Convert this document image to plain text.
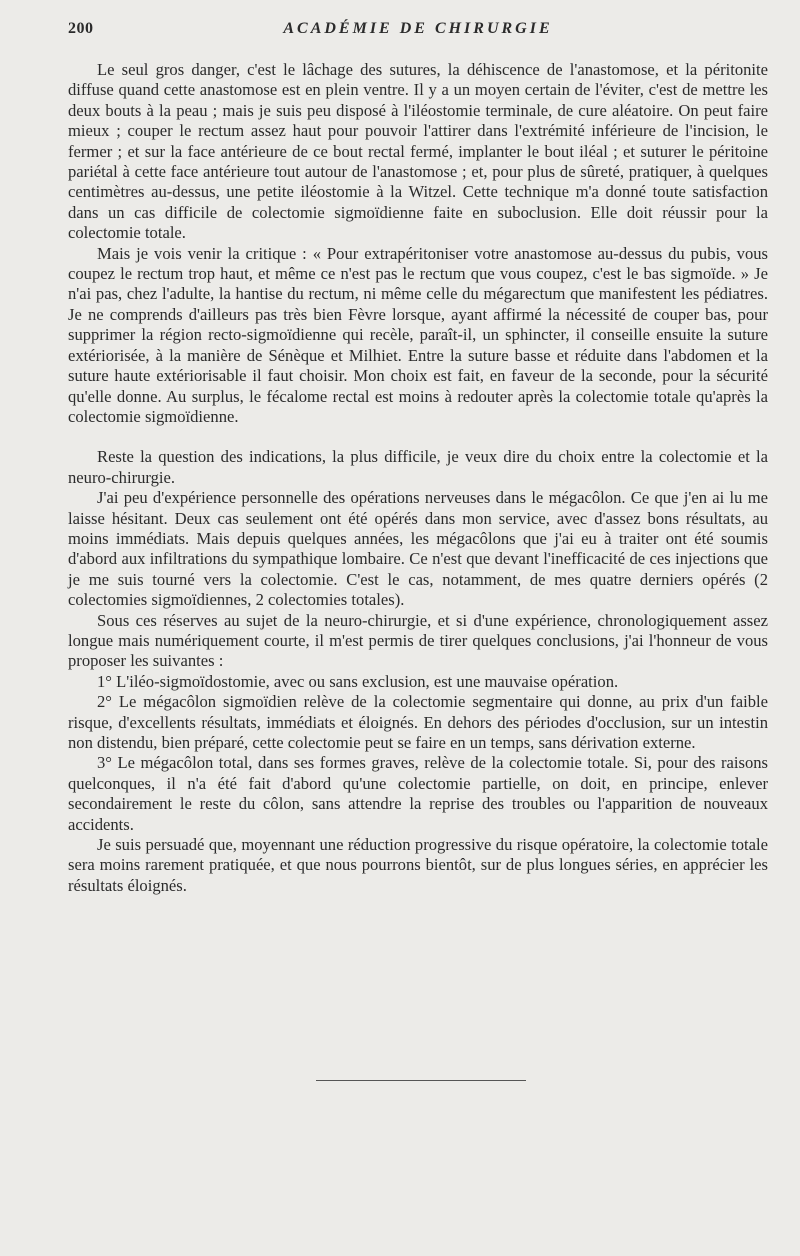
200	ACADÉMIE DE CHIRURGIE

Le seul gros danger, c'est le lâchage des sutures, la déhiscence de l'anastomose, et la péritonite diffuse quand cette anastomose est en plein ventre. Il y a un moyen certain de l'éviter, c'est de mettre les deux bouts à la peau ; mais je suis peu disposé à l'iléostomie terminale, de cure aléatoire. On peut faire mieux ; couper le rectum assez haut pour pouvoir l'attirer dans l'extrémité inférieure de l'incision, le fermer ; et sur la face antérieure de ce bout rectal fermé, implanter le bout iléal ; et suturer le péritoine pariétal à cette face antérieure tout autour de l'anastomose ; et, pour plus de sûreté, pratiquer, à quelques centimètres au-dessus, une petite iléostomie à la Witzel. Cette technique m'a donné toute satisfaction dans un cas difficile de colectomie sigmoïdienne faite en suboclusion. Elle doit réussir pour la colectomie totale.

Mais je vois venir la critique : « Pour extrapéritoniser votre anastomose au-dessus du pubis, vous coupez le rectum trop haut, et même ce n'est pas le rectum que vous coupez, c'est le bas sigmoïde. » Je n'ai pas, chez l'adulte, la hantise du rectum, ni même celle du mégarectum que manifestent les pédiatres. Je ne comprends d'ailleurs pas très bien Fèvre lorsque, ayant affirmé la nécessité de couper bas, pour supprimer la région recto-sigmoïdienne qui recèle, paraît-il, un sphincter, il conseille ensuite la suture extériorisée, à la manière de Sénèque et Milhiet. Entre la suture basse et réduite dans l'abdomen et la suture haute extériorisable il faut choisir. Mon choix est fait, en faveur de la seconde, pour la sécurité qu'elle donne. Au surplus, le fécalome rectal est moins à redouter après la colectomie totale qu'après la colectomie sigmoïdienne.

Reste la question des indications, la plus difficile, je veux dire du choix entre la colectomie et la neuro-chirurgie.

J'ai peu d'expérience personnelle des opérations nerveuses dans le mégacôlon. Ce que j'en ai lu me laisse hésitant. Deux cas seulement ont été opérés dans mon service, avec d'assez bons résultats, au moins immédiats. Mais depuis quelques années, les mégacôlons que j'ai eu à traiter ont été soumis d'abord aux infiltrations du sympathique lombaire. Ce n'est que devant l'inefficacité de ces injections que je me suis tourné vers la colectomie. C'est le cas, notamment, de mes quatre derniers opérés (2 colectomies sigmoïdiennes, 2 colectomies totales).

Sous ces réserves au sujet de la neuro-chirurgie, et si d'une expérience, chronologiquement assez longue mais numériquement courte, il m'est permis de tirer quelques conclusions, j'ai l'honneur de vous proposer les suivantes :

1° L'iléo-sigmoïdostomie, avec ou sans exclusion, est une mauvaise opération.

2° Le mégacôlon sigmoïdien relève de la colectomie segmentaire qui donne, au prix d'un faible risque, d'excellents résultats, immédiats et éloignés. En dehors des périodes d'occlusion, sur un intestin non distendu, bien préparé, cette colectomie peut se faire en un temps, sans dérivation externe.

3° Le mégacôlon total, dans ses formes graves, relève de la colectomie totale. Si, pour des raisons quelconques, il n'a été fait d'abord qu'une colectomie partielle, on doit, en principe, enlever secondairement le reste du côlon, sans attendre la reprise des troubles ou l'apparition de nouveaux accidents.

Je suis persuadé que, moyennant une réduction progressive du risque opératoire, la colectomie totale sera moins rarement pratiquée, et que nous pourrons bientôt, sur de plus longues séries, en apprécier les résultats éloignés.
